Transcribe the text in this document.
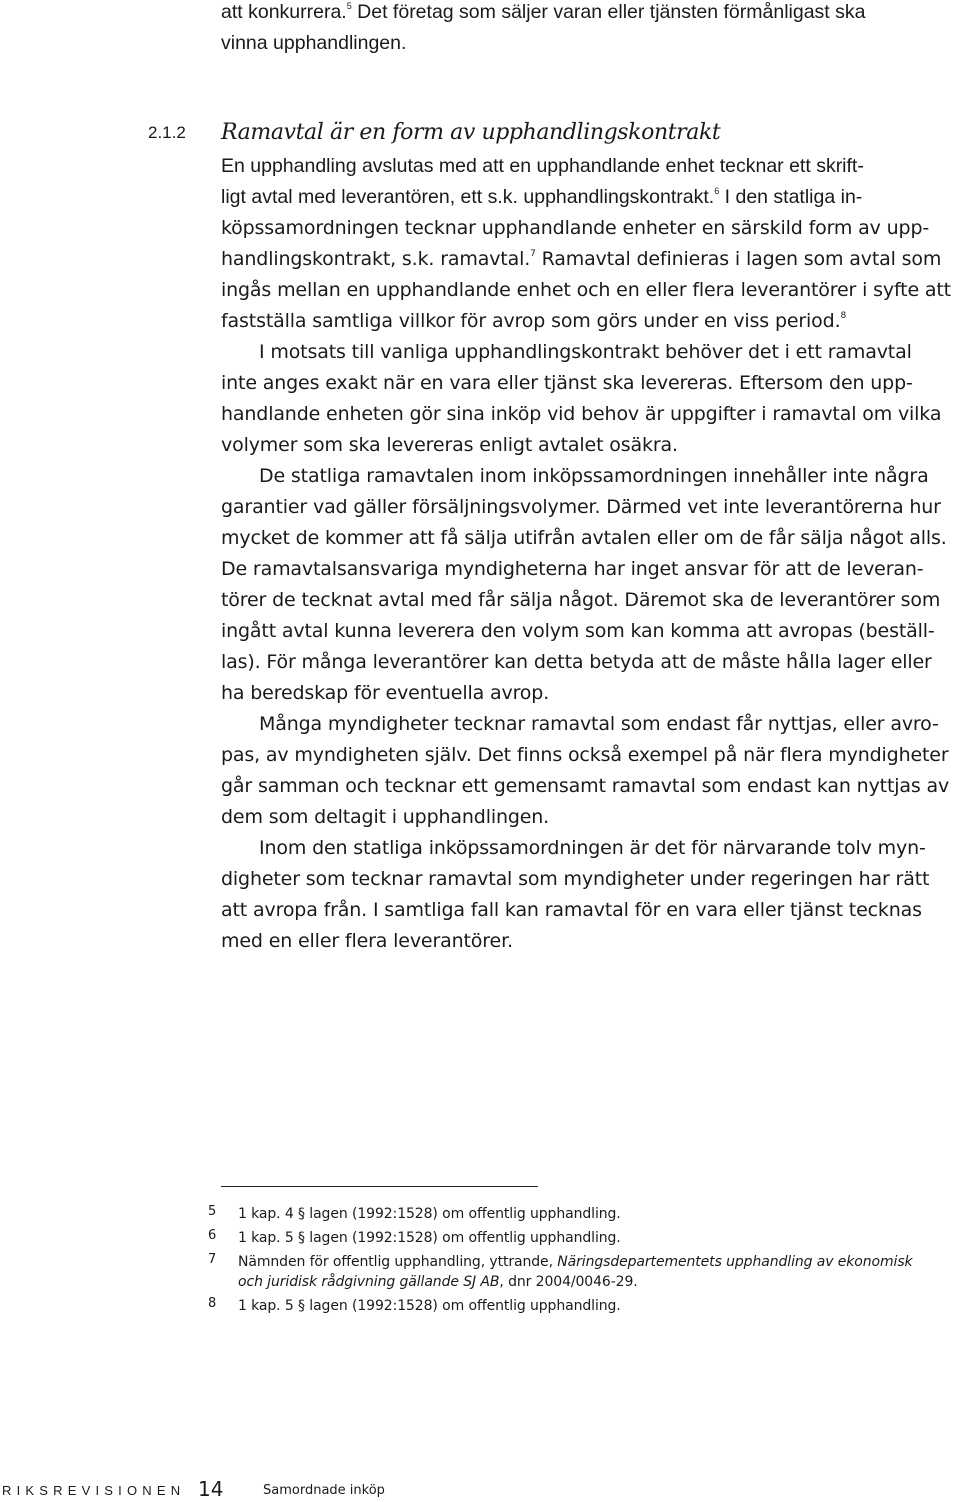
att konkurrera.$^5$ Det företag som säljer varan eller tjänsten förmånligast ska
vinna upphandlingen.
2.1.2 Ramavtal är en form av upphandlingskontrakt
En upphandling avslutas med att en upphandlande enhet tecknar ett skrift-
ligt avtal med leverantören, ett s.k. upphandlingskontrakt.$^6$ I den statliga in-
köpssamordningen tecknar upphandlande enheter en särskild form av upp-
handlingskontrakt, s.k. ramavtal.$^7$ Ramavtal definieras i lagen som avtal som
ingås mellan en upphandlande enhet och en eller flera leverantörer i syfte att
fastställa samtliga villkor för avrop som görs under en viss period.$^8$
I motsats till vanliga upphandlingskontrakt behöver det i ett ramavtal
inte anges exakt när en vara eller tjänst ska levereras. Eftersom den upp-
handlande enheten gör sina inköp vid behov är uppgifter i ramavtal om vilka
volymer som ska levereras enligt avtalet osäkra.
De statliga ramavtalen inom inköpssamordningen innehåller inte några
garantier vad gäller försäljningsvolymer. Därmed vet inte leverantörerna hur
mycket de kommer att få sälja utifrån avtalen eller om de får sälja något alls.
De ramavtalsansvariga myndigheterna har inget ansvar för att de leveran-
törer de tecknat avtal med får sälja något. Däremot ska de leverantörer som
ingått avtal kunna leverera den volym som kan komma att avropas (beställ-
las). För många leverantörer kan detta betyda att de måste hålla lager eller
ha beredskap för eventuella avrop.
Många myndigheter tecknar ramavtal som endast får nyttjas, eller avro-
pas, av myndigheten själv. Det finns också exempel på när flera myndigheter
går samman och tecknar ett gemensamt ramavtal som endast kan nyttjas av
dem som deltagit i upphandlingen.
Inom den statliga inköpssamordningen är det för närvarande tolv myn-
digheter som tecknar ramavtal som myndigheter under regeringen har rätt
att avropa från. I samtliga fall kan ramavtal för en vara eller tjänst tecknas
med en eller flera leverantörer.
5 1 kap. 4 § lagen (1992:1528) om offentlig upphandling.
6 1 kap. 5 § lagen (1992:1528) om offentlig upphandling.
7 Nämnden för offentlig upphandling, yttrande, Näringsdepartementets upphandling av ekonomisk
och juridisk rådgivning gällande SJ AB, dnr 2004/0046-29.
8 1 kap. 5 § lagen (1992:1528) om offentlig upphandling.
RIKSREVISIONEN 14	Samordnade inköp
